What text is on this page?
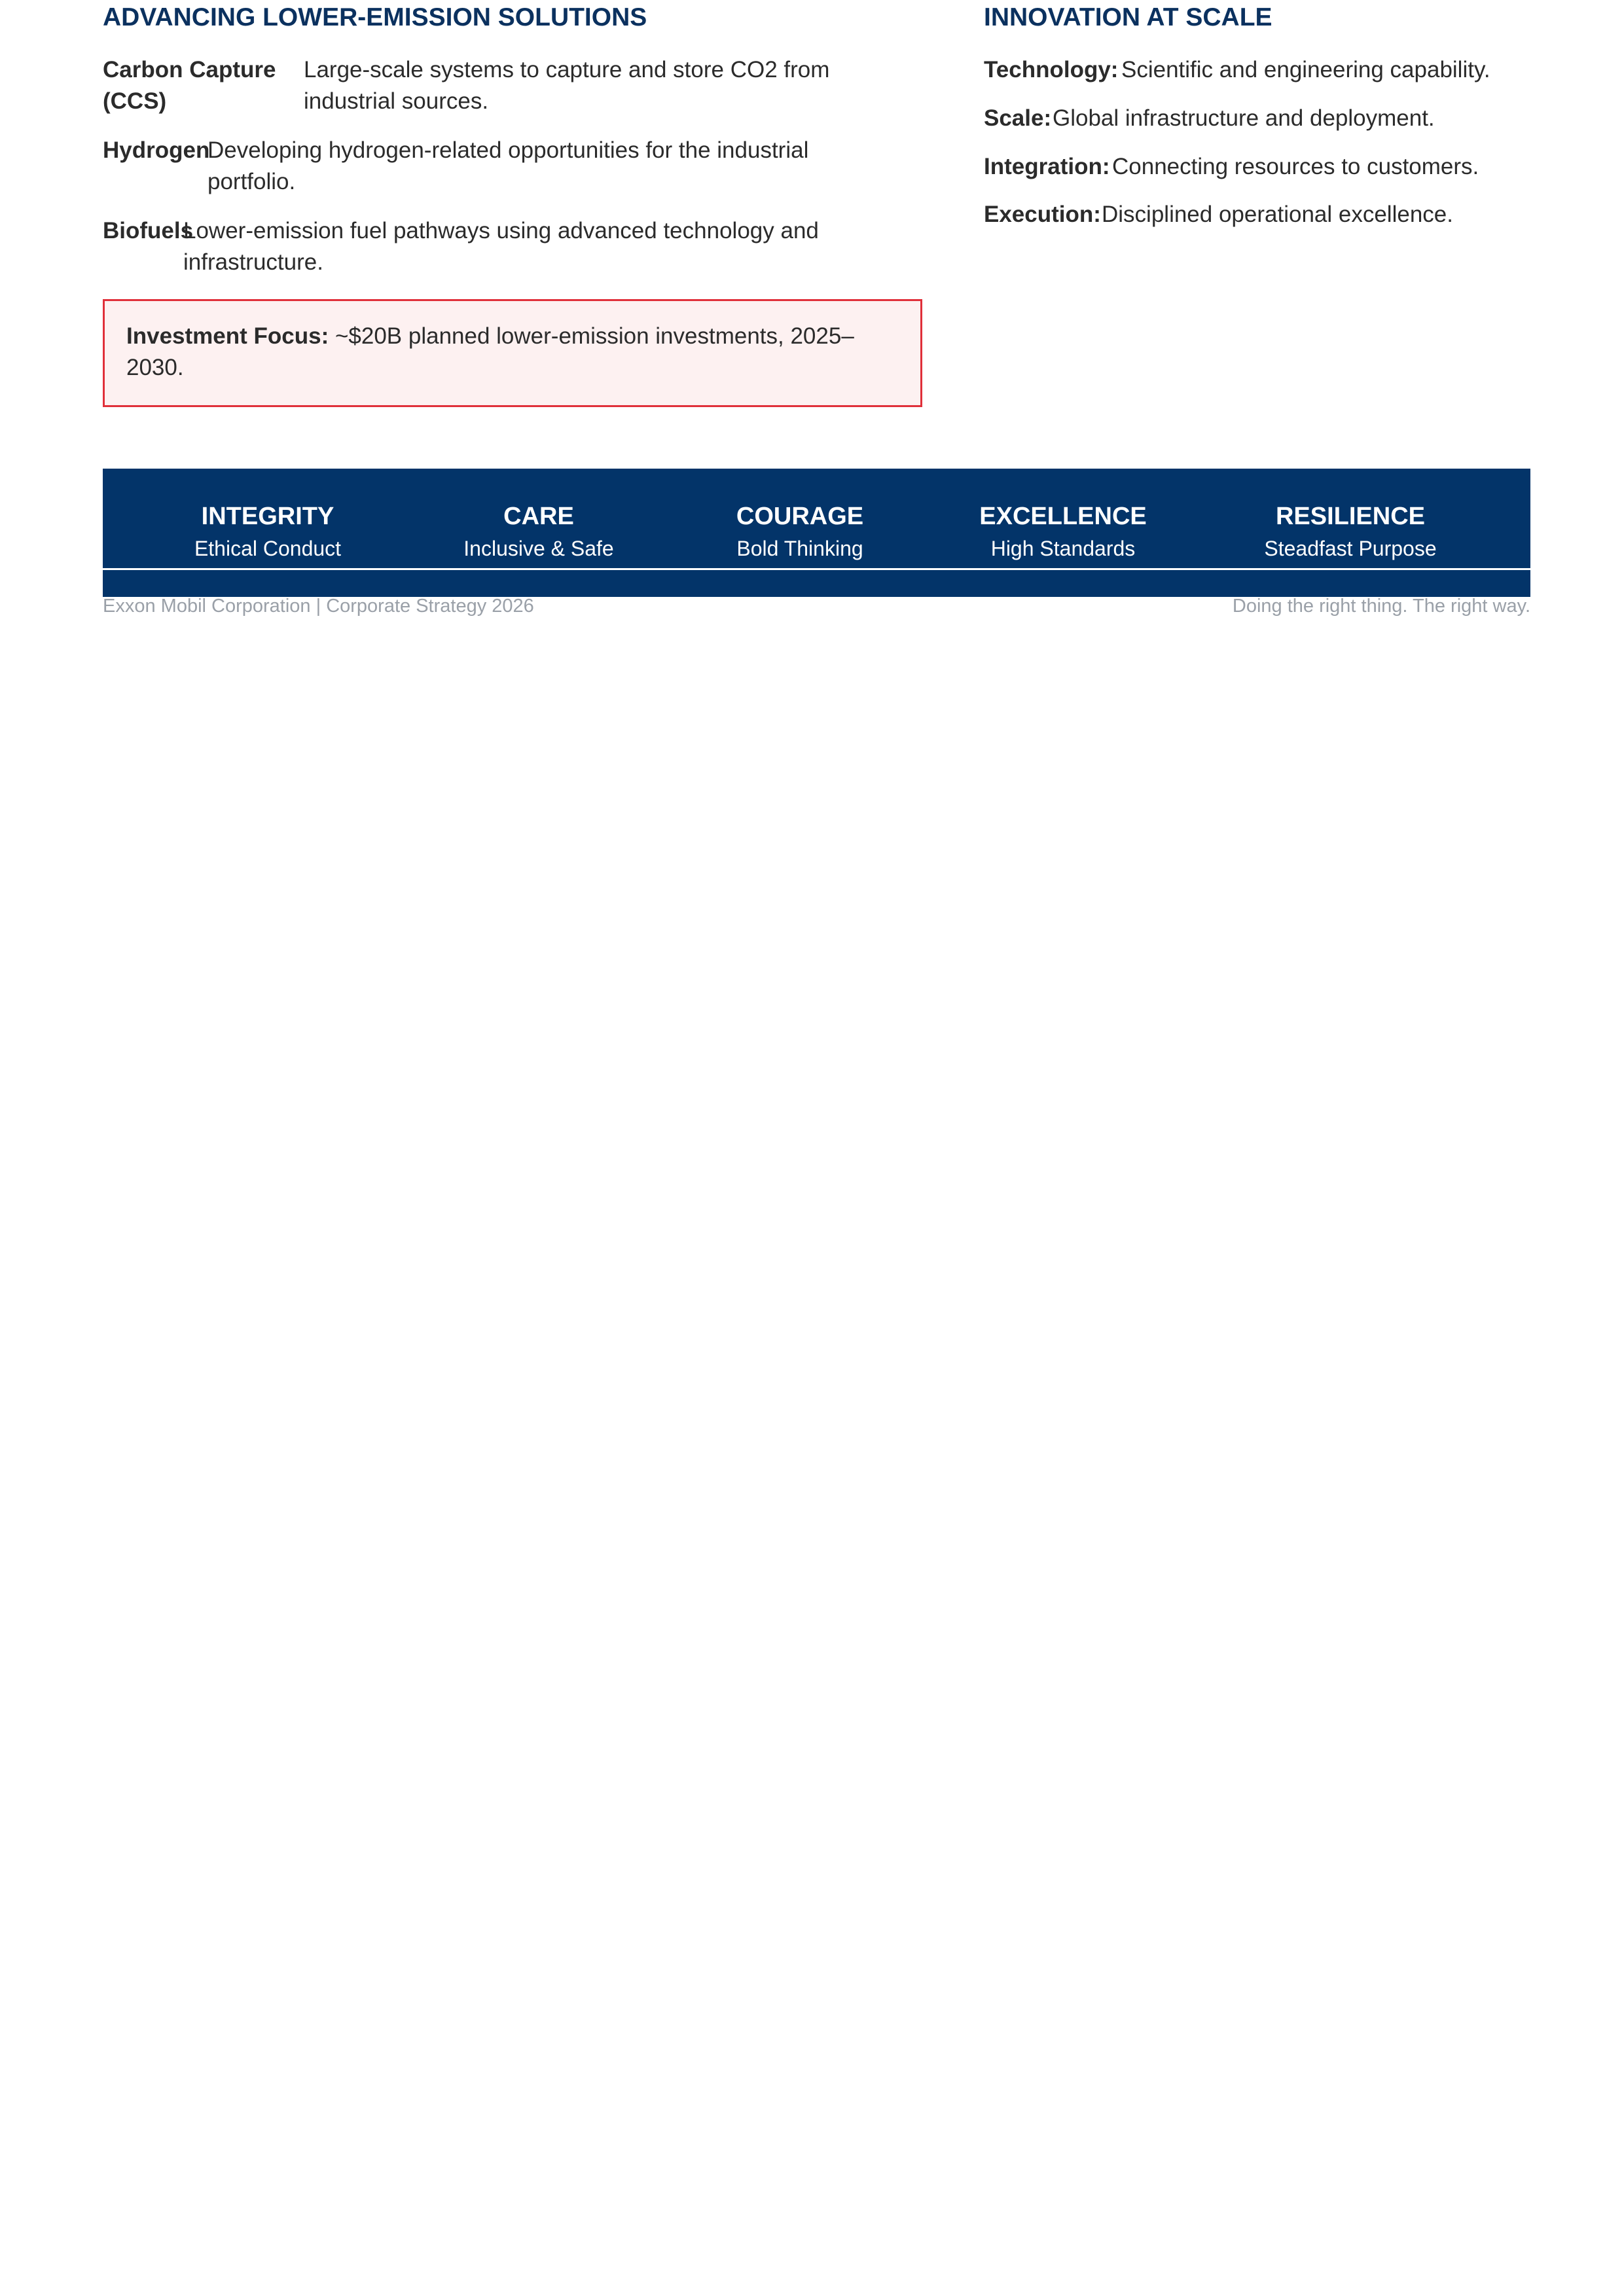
ADVANCING LOWER-EMISSION SOLUTIONS
Carbon Capture
(CCS)
Large-scale systems to capture and store CO2 from
industrial sources.
Hydrogen
Developing hydrogen-related opportunities for the industrial
portfolio.
Biofuels
Lower-emission fuel pathways using advanced technology and
infrastructure.
Investment Focus: ~$20B planned lower-emission investments, 2025–
2030.
INNOVATION AT SCALE
Technology: Scientific and engineering capability.
Scale: Global infrastructure and deployment.
Integration: Connecting resources to customers.
Execution: Disciplined operational excellence.
INTEGRITY
Ethical Conduct
CARE
Inclusive & Safe
COURAGE
Bold Thinking
EXCELLENCE
High Standards
RESILIENCE
Steadfast Purpose
Exxon Mobil Corporation | Corporate Strategy 2026	Doing the right thing. The right way.
